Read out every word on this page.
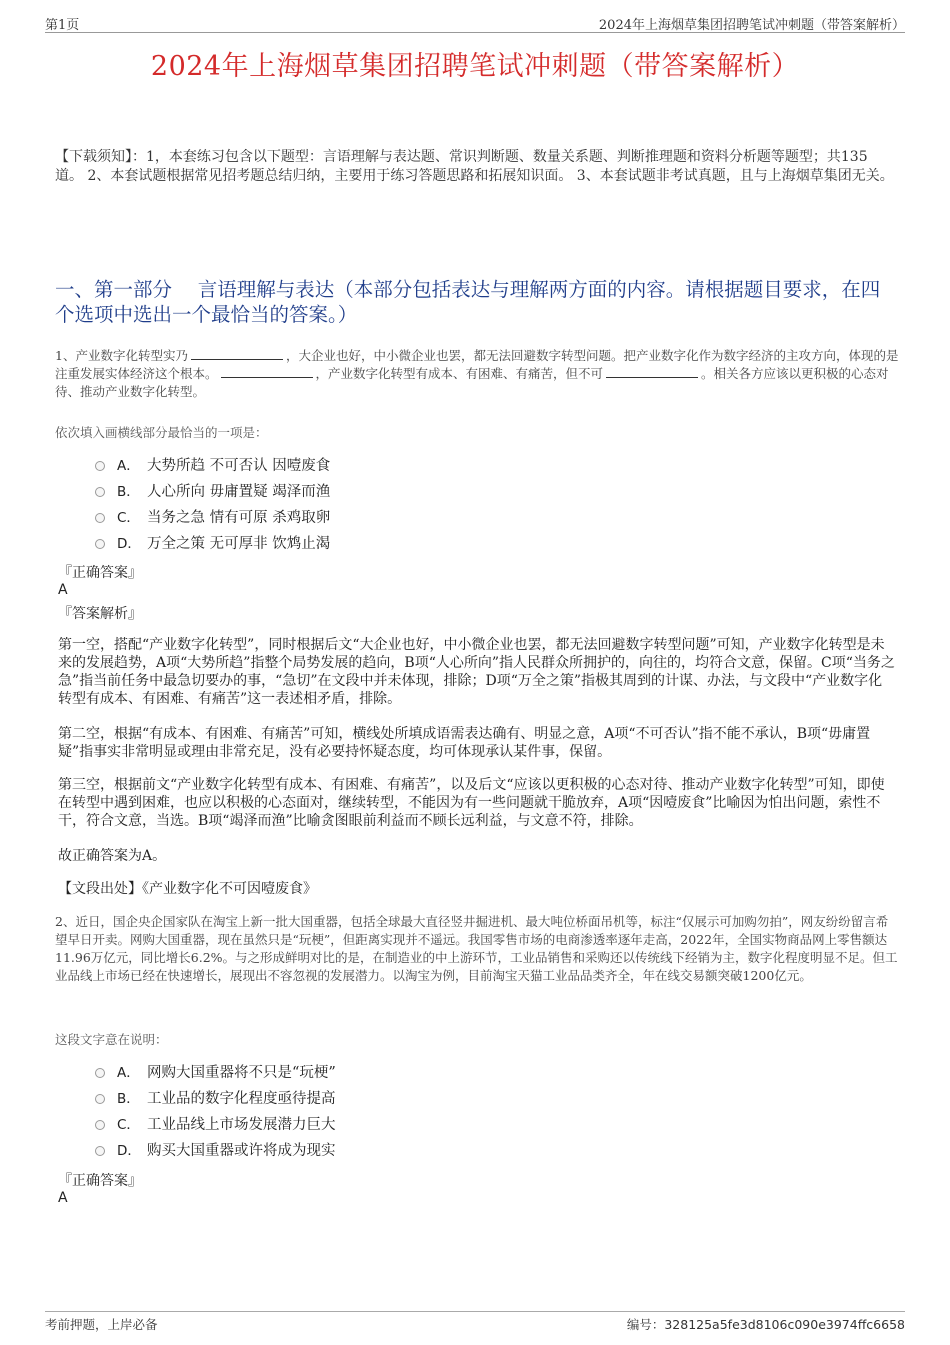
第1页	2024年上海烟草集团招聘笔试冲刺题（带答案解析）
2024年上海烟草集团招聘笔试冲刺题（带答案解析）
【下载须知】：1，本套练习包含以下题型：言语理解与表达题、常识判断题、数量关系题、判断推理题和资料分析题等题型；共135道。 2、本套试题根据常见招考题总结归纳，主要用于练习答题思路和拓展知识面。 3、本套试题非考试真题，且与上海烟草集团无关。
一、第一部分　 言语理解与表达（本部分包括表达与理解两方面的内容。请根据题目要求，在四个选项中选出一个最恰当的答案。）
1、产业数字化转型实乃	，大企业也好，中小微企业也罢，都无法回避数字转型问题。把产业数字化作为数字经济的主攻方向，体现的是注重发展实体经济这个根本。	，产业数字化转型有成本、有困难、有痛苦，但不可	。相关各方应该以更积极的心态对待、推动产业数字化转型。
依次填入画横线部分最恰当的一项是：
A． 大势所趋 不可否认 因噎废食
B． 人心所向 毋庸置疑 竭泽而渔
C． 当务之急 情有可原 杀鸡取卵
D． 万全之策 无可厚非 饮鸩止渴
『正确答案』
A
『答案解析』
第一空，搭配“产业数字化转型”，同时根据后文“大企业也好，中小微企业也罢，都无法回避数字转型问题”可知，产业数字化转型是未来的发展趋势，A项“大势所趋”指整个局势发展的趋向，B项“人心所向”指人民群众所拥护的，向往的，均符合文意，保留。C项“当务之急”指当前任务中最急切要办的事，“急切”在文段中并未体现，排除；D项“万全之策”指极其周到的计谋、办法，与文段中“产业数字化转型有成本、有困难、有痛苦”这一表述相矛盾，排除。
第二空，根据“有成本、有困难、有痛苦”可知，横线处所填成语需表达确有、明显之意，A项“不可否认”指不能不承认，B项“毋庸置疑”指事实非常明显或理由非常充足，没有必要持怀疑态度，均可体现承认某件事，保留。
第三空，根据前文“产业数字化转型有成本、有困难、有痛苦”，以及后文“应该以更积极的心态对待、推动产业数字化转型”可知，即使在转型中遇到困难，也应以积极的心态面对，继续转型，不能因为有一些问题就干脆放弃，A项“因噎废食”比喻因为怕出问题，索性不干，符合文意，当选。B项“竭泽而渔”比喻贪图眼前利益而不顾长远利益，与文意不符，排除。
故正确答案为A。
【文段出处】《产业数字化不可因噎废食》
2、近日，国企央企国家队在淘宝上新一批大国重器，包括全球最大直径竖井掘进机、最大吨位桥面吊机等，标注“仅展示可加购勿拍”，网友纷纷留言希望早日开卖。网购大国重器，现在虽然只是“玩梗”，但距离实现并不遥远。我国零售市场的电商渗透率逐年走高，2022年，全国实物商品网上零售额达11.96万亿元，同比增长6.2%。与之形成鲜明对比的是，在制造业的中上游环节，工业品销售和采购还以传统线下经销为主，数字化程度明显不足。但工业品线上市场已经在快速增长，展现出不容忽视的发展潜力。以淘宝为例，目前淘宝天猫工业品品类齐全，年在线交易额突破1200亿元。
这段文字意在说明：
A． 网购大国重器将不只是“玩梗”
B． 工业品的数字化程度亟待提高
C． 工业品线上市场发展潜力巨大
D． 购买大国重器或许将成为现实
『正确答案』
A
考前押题，上岸必备	编号：328125a5fe3d8106c090e3974ffc6658
